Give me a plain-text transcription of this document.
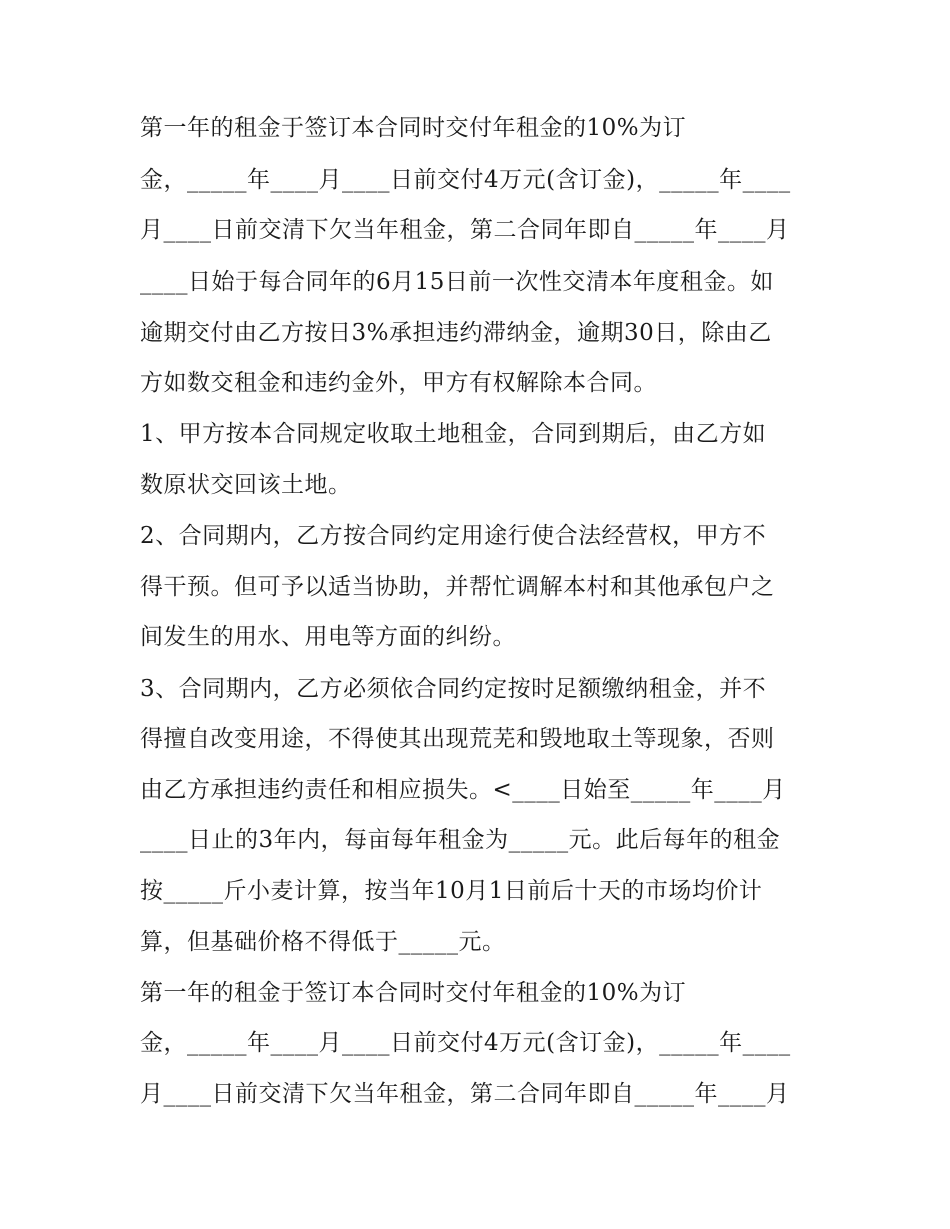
第一年的租金于签订本合同时交付年租金的10%为订
金，_____年____月____日前交付4万元(含订金)，_____年____
月____日前交清下欠当年租金，第二合同年即自_____年____月
____日始于每合同年的6月15日前一次性交清本年度租金。如
逾期交付由乙方按日3%承担违约滞纳金，逾期30日，除由乙
方如数交租金和违约金外，甲方有权解除本合同。
1、甲方按本合同规定收取土地租金，合同到期后，由乙方如
数原状交回该土地。
2、合同期内，乙方按合同约定用途行使合法经营权，甲方不
得干预。但可予以适当协助，并帮忙调解本村和其他承包户之
间发生的用水、用电等方面的纠纷。
3、合同期内，乙方必须依合同约定按时足额缴纳租金，并不
得擅自改变用途，不得使其出现荒芜和毁地取土等现象，否则
由乙方承担违约责任和相应损失。<____日始至_____年____月
____日止的3年内，每亩每年租金为_____元。此后每年的租金
按_____斤小麦计算，按当年10月1日前后十天的市场均价计
算，但基础价格不得低于_____元。
第一年的租金于签订本合同时交付年租金的10%为订
金，_____年____月____日前交付4万元(含订金)，_____年____
月____日前交清下欠当年租金，第二合同年即自_____年____月
